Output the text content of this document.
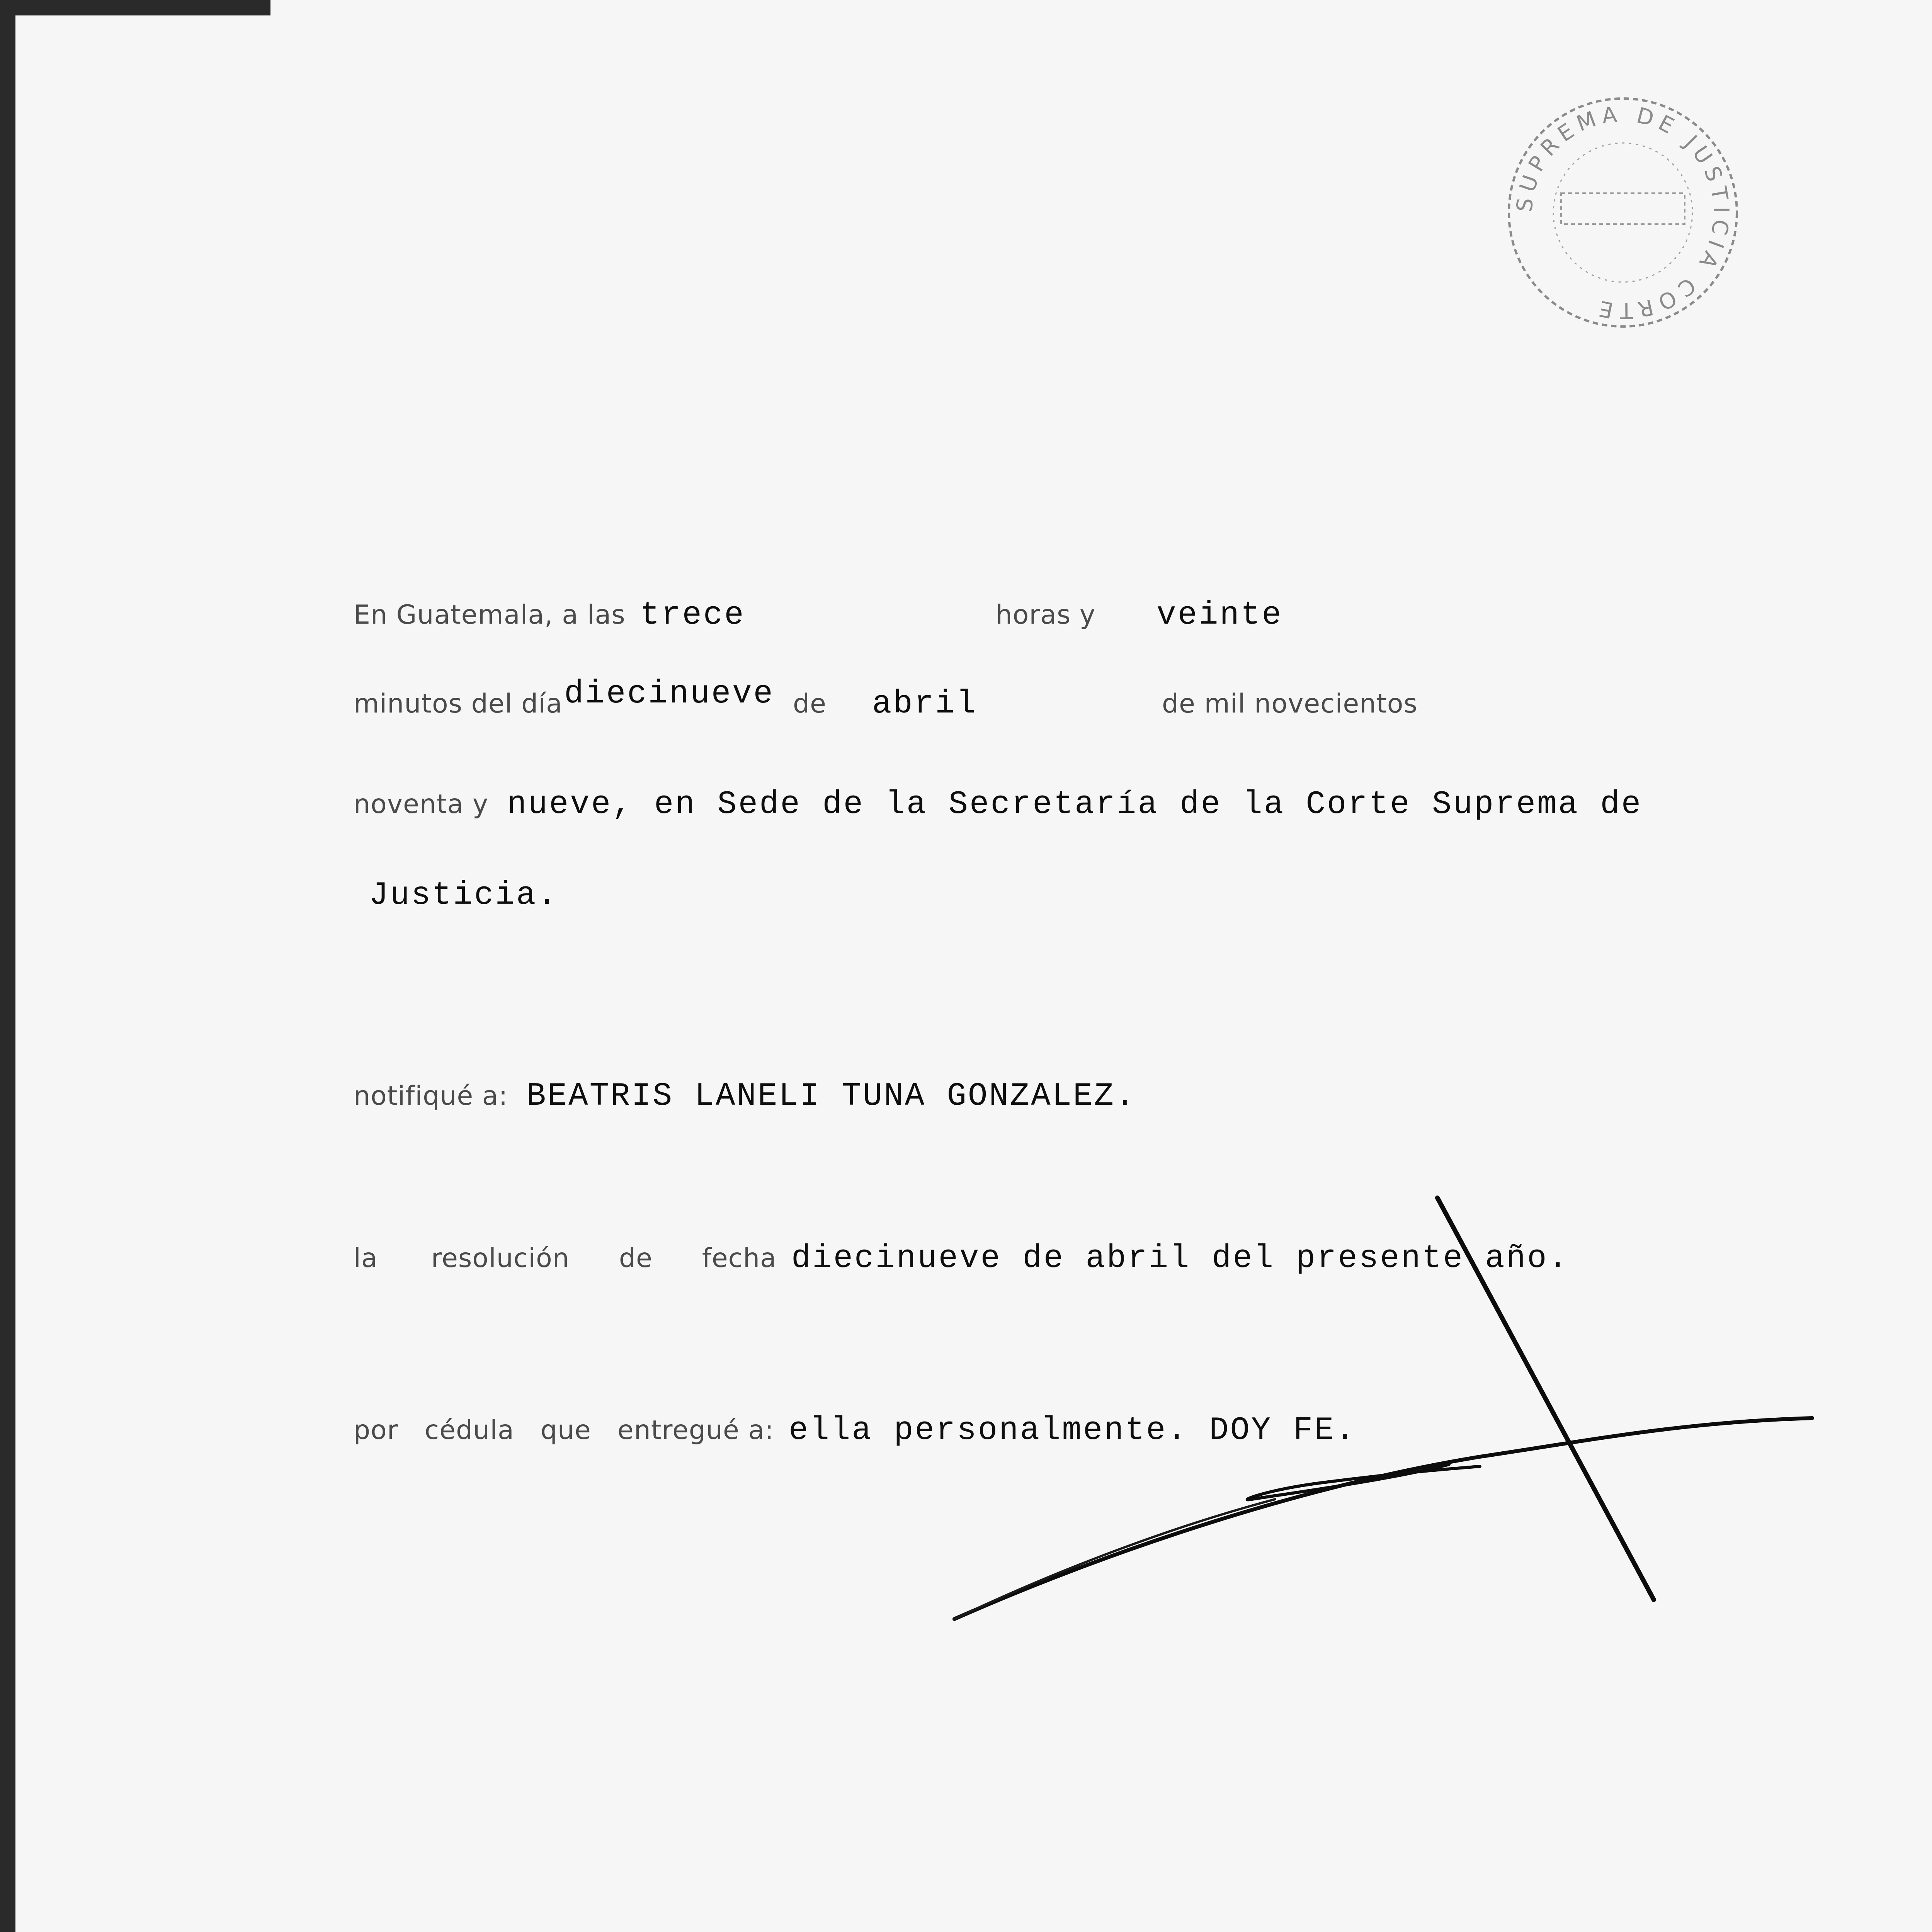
SUPREMA DE JUSTICIA CORTE
En Guatemala, a las trece	horas y veinte
minutos del día diecinueve de abril	de mil novecientos
noventa y nueve, en Sede de la Secretaría de la Corte Suprema de
Justicia.
notifiqué a: BEATRIS LANELI TUNA GONZALEZ.
la resolución de fecha diecinueve de abril del presente año.
por cédula que entregué a: ella personalmente. DOY FE.
